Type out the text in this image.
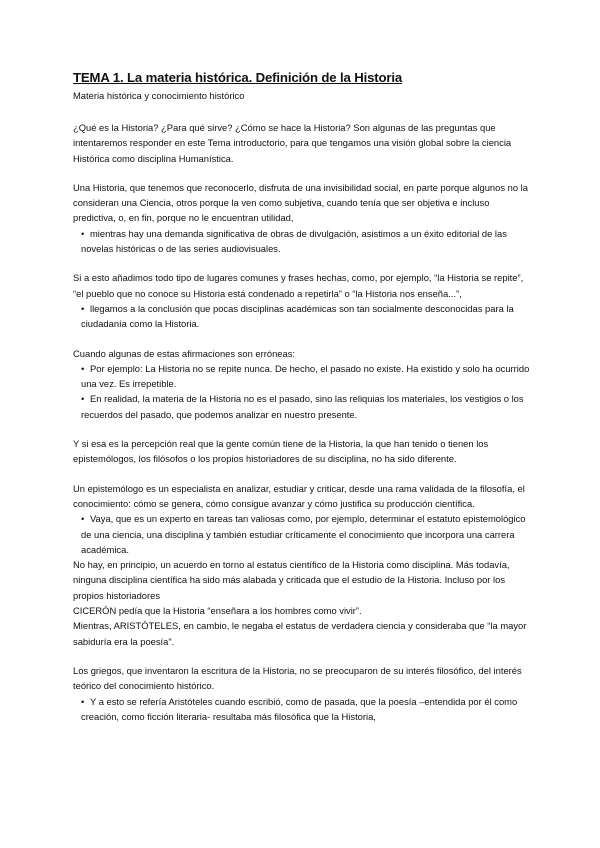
TEMA 1. La materia histórica. Definición de la Historia
Materia histórica y conocimiento histórico

¿Qué es la Historia? ¿Para qué sirve? ¿Cómo se hace la Historia? Son algunas de las preguntas que intentaremos responder en este Tema introductorio, para que tengamos una visión global sobre la ciencia Histórica como disciplina Humanística.

Una Historia, que tenemos que reconocerlo, disfruta de una invisibilidad social, en parte porque algunos no la consideran una Ciencia, otros porque la ven como subjetiva, cuando tenía que ser objetiva e incluso predictiva, o, en fin, porque no le encuentran utilidad,

• mientras hay una demanda significativa de obras de divulgación, asistimos a un éxito editorial de las novelas históricas o de las series audiovisuales.

Si a esto añadimos todo tipo de lugares comunes y frases hechas, como, por ejemplo, “la Historia se repite”, “el pueblo que no conoce su Historia está condenado a repetirla” o “la Historia nos enseña...”,

• llegamos a la conclusión que pocas disciplinas académicas son tan socialmente desconocidas para la ciudadanía como la Historia.

Cuando algunas de estas afirmaciones son erróneas:

• Por ejemplo: La Historia no se repite nunca. De hecho, el pasado no existe. Ha existido y solo ha ocurrido una vez. Es irrepetible.

• En realidad, la materia de la Historia no es el pasado, sino las reliquias los materiales, los vestigios o los recuerdos del pasado, que podemos analizar en nuestro presente.

Y si esa es la percepción real que la gente común tiene de la Historia, la que han tenido o tienen los epistemólogos, los filósofos o los propios historiadores de su disciplina, no ha sido diferente.

Un epistemólogo es un especialista en analizar, estudiar y criticar, desde una rama validada de la filosofía, el conocimiento: cómo se genera, cómo consigue avanzar y cómo justifica su producción científica.

• Vaya, que es un experto en tareas tan valiosas como, por ejemplo, determinar el estatuto epistemológico de una ciencia, una disciplina y también estudiar críticamente el conocimiento que incorpora una carrera académica.

No hay, en principio, un acuerdo en torno al estatus científico de la Historia como disciplina. Más todavía, ninguna disciplina científica ha sido más alabada y criticada que el estudio de la Historia. Incluso por los propios historiadores

CICERÓN pedía que la Historia “enseñara a los hombres como vivir”.

Mientras, ARISTÓTELES, en cambio, le negaba el estatus de verdadera ciencia y consideraba que “la mayor sabiduría era la poesía”.

Los griegos, que inventaron la escritura de la Historia, no se preocuparon de su interés filosófico, del interés teórico del conocimiento histórico.

• Y a esto se refería Aristóteles cuando escribió, como de pasada, que la poesía –entendida por él como creación, como ficción literaria- resultaba más filosófica que la Historia,
